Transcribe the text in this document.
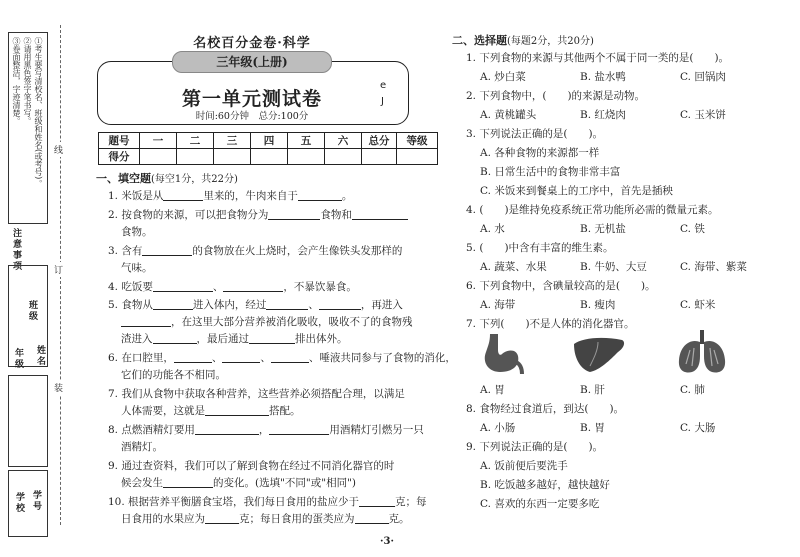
①考生要写清校名、班级和姓名(或考号)。
②请用黑色签字笔书写。
③卷面整洁，字迹清楚。
注意事项
班级
年级 姓名
学校 学号
线
订
装
名校百分金卷·科学
三年级(上册)
第一单元测试卷
时间:60分钟　总分:100分
e
J
题号	一	二	三	四	五	六	总分	等级
得分								
一、填空题(每空1分，共22分)
1. 米饭是从	里来的，牛肉来自于	。
2. 按食物的来源，可以把食物分为	食物和
食物。
3. 含有	的食物放在火上烧时，会产生像铁头发那样的
气味。
4. 吃饭要	、	，不暴饮暴食。
5. 食物从	进入体内，经过	、	，再进入
，在这里大部分营养被消化吸收，吸收不了的食物残
渣进入	，最后通过	排出体外。
6. 在口腔里，	、	、	、唾液共同参与了食物的消化，
它们的功能各不相同。
7. 我们从食物中获取各种营养，这些营养必须搭配合理，以满足
人体需要，这就是	搭配。
8. 点燃酒精灯要用	，	用酒精灯引燃另一只
酒精灯。
9. 通过查资料，我们可以了解到食物在经过不同消化器官的时
候会发生	的变化。(选填"不同"或"相同")
10. 根据营养平衡膳食宝塔，我们每日食用的盐应少于	克；每
日食用的水果应为	克；每日食用的蛋类应为	克。
·3·
二、选择题(每题2分，共20分)
1. 下列食物的来源与其他两个不属于同一类的是(　　)。
A. 炒白菜	B. 盐水鸭	C. 回锅肉
2. 下列食物中，(　　)的来源是动物。
A. 黄桃罐头	B. 红烧肉	C. 玉米饼
3. 下列说法正确的是(　　)。
A. 各种食物的来源都一样
B. 日常生活中的食物非常丰富
C. 米饭来到餐桌上的工序中，首先是插秧
4. (　　)是维持免疫系统正常功能所必需的微量元素。
A. 水	B. 无机盐	C. 铁
5. (　　)中含有丰富的维生素。
A. 蔬菜、水果	B. 牛奶、大豆	C. 海带、紫菜
6. 下列食物中，含碘量较高的是(　　)。
A. 海带	B. 瘦肉	C. 虾米
7. 下列(　　)不是人体的消化器官。
A. 胃	B. 肝	C. 肺
8. 食物经过食道后，到达(　　)。
A. 小肠	B. 胃	C. 大肠
9. 下列说法正确的是(　　)。
A. 饭前便后要洗手
B. 吃饭越多越好，越快越好
C. 喜欢的东西一定要多吃
